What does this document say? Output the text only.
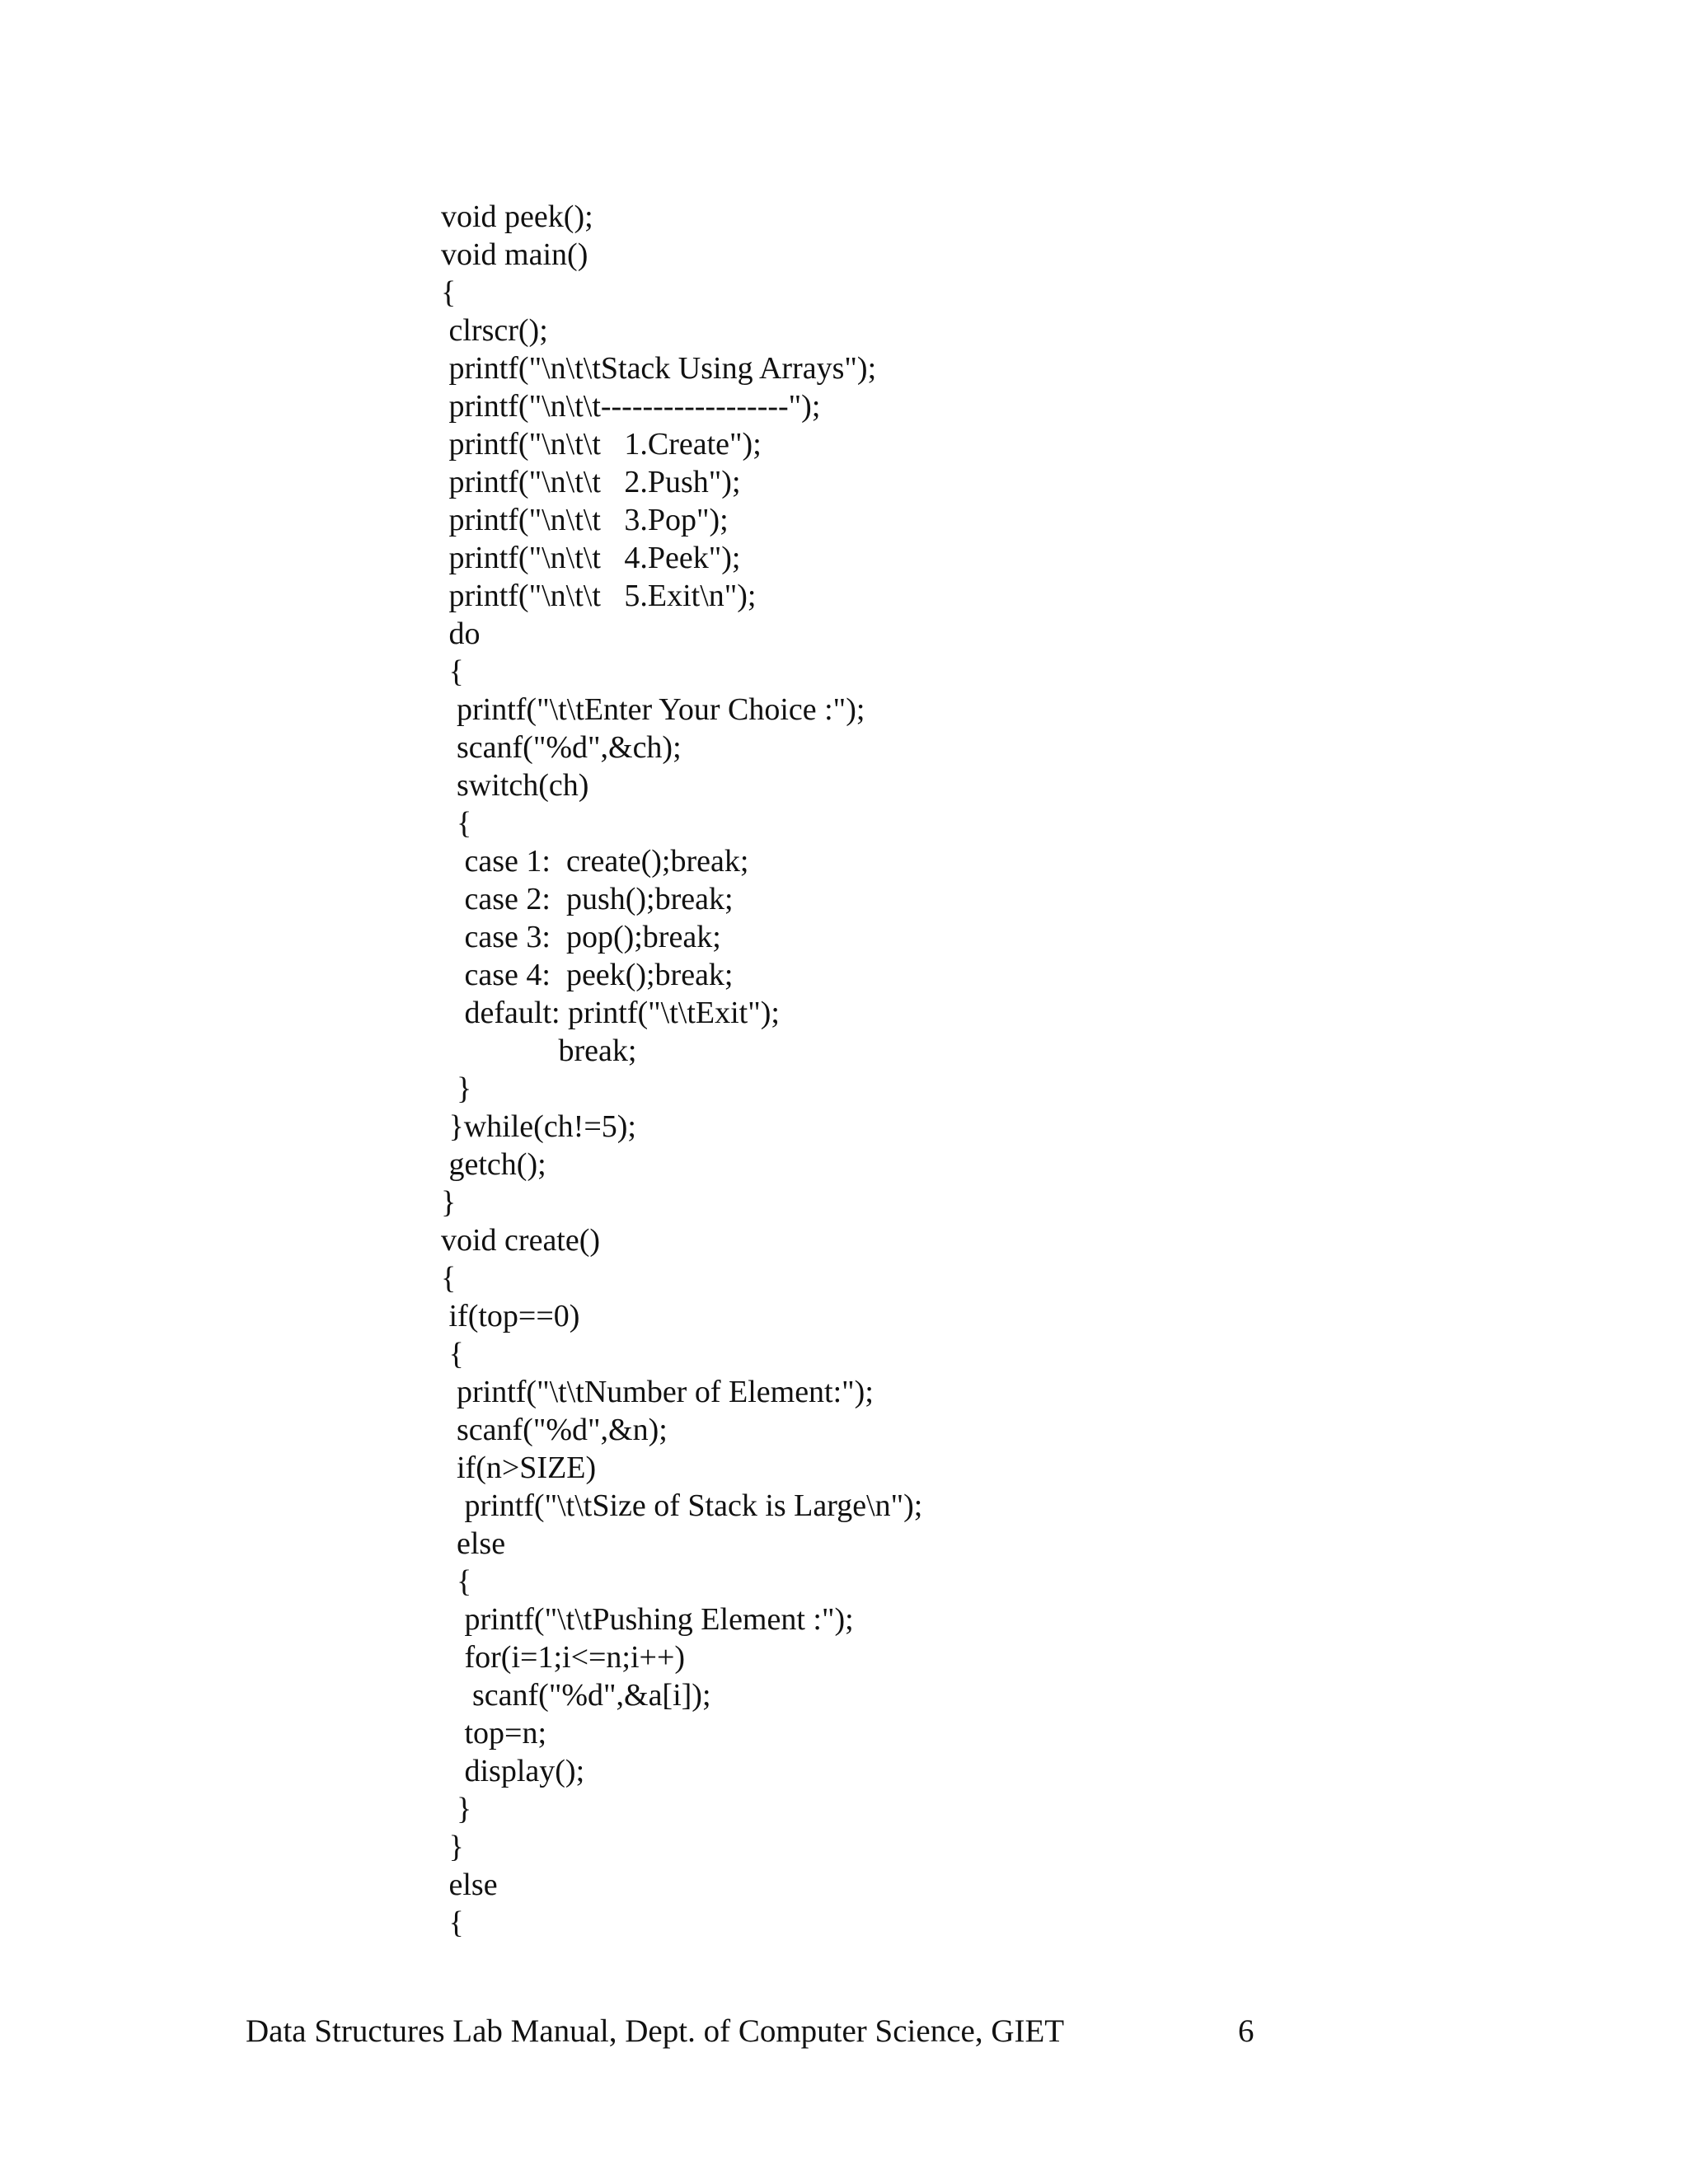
void peek();
void main()
{
clrscr();
printf("\n\t\tStack Using Arrays");
printf("\n\t\t------------------");
printf("\n\t\t   1.Create");
printf("\n\t\t   2.Push");
printf("\n\t\t   3.Pop");
printf("\n\t\t   4.Peek");
printf("\n\t\t   5.Exit\n");
do
{
printf("\t\tEnter Your Choice :");
scanf("%d",&ch);
switch(ch)
{
case 1:  create();break;
case 2:  push();break;
case 3:  pop();break;
case 4:  peek();break;
default: printf("\t\tExit");
break;
}
}while(ch!=5);
getch();
}
void create()
{
if(top==0)
{
printf("\t\tNumber of Element:");
scanf("%d",&n);
if(n>SIZE)
printf("\t\tSize of Stack is Large\n");
else
{
printf("\t\tPushing Element :");
for(i=1;i<=n;i++)
scanf("%d",&a[i]);
top=n;
display();
}
}
else
{
Data Structures Lab Manual, Dept. of Computer Science, GIET	6
